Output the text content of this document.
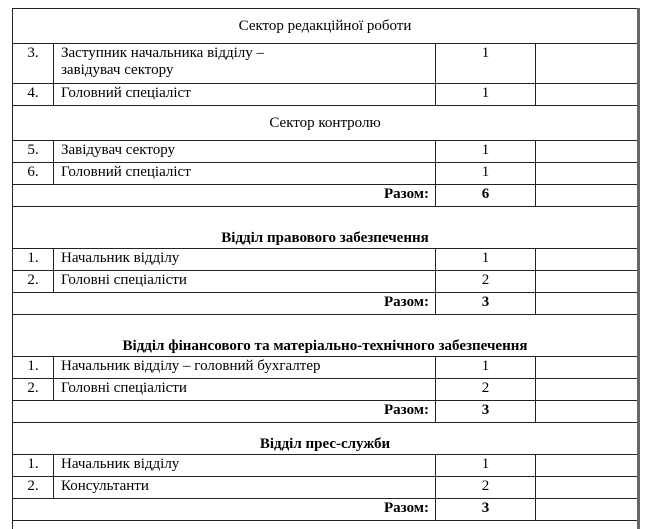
Сектор редакційної роботи			
3.	Заступник начальника відділу –
завідувач сектору	1	
4.	Головний спеціаліст	1	
Сектор контролю			
5.	Завідувач сектору	1	
6.	Головний спеціаліст	1	
Разом:		6	
Відділ правового забезпечення			
1.	Начальник відділу	1	
2.	Головні спеціалісти	2	
Разом:		3	
Відділ фінансового та матеріально-технічного забезпечення			
1.	Начальник відділу – головний бухгалтер	1	
2.	Головні спеціалісти	2	
Разом:		3	
Відділ прес-служби			
1.	Начальник відділу	1	
2.	Консультанти	2	
Разом:		3	
